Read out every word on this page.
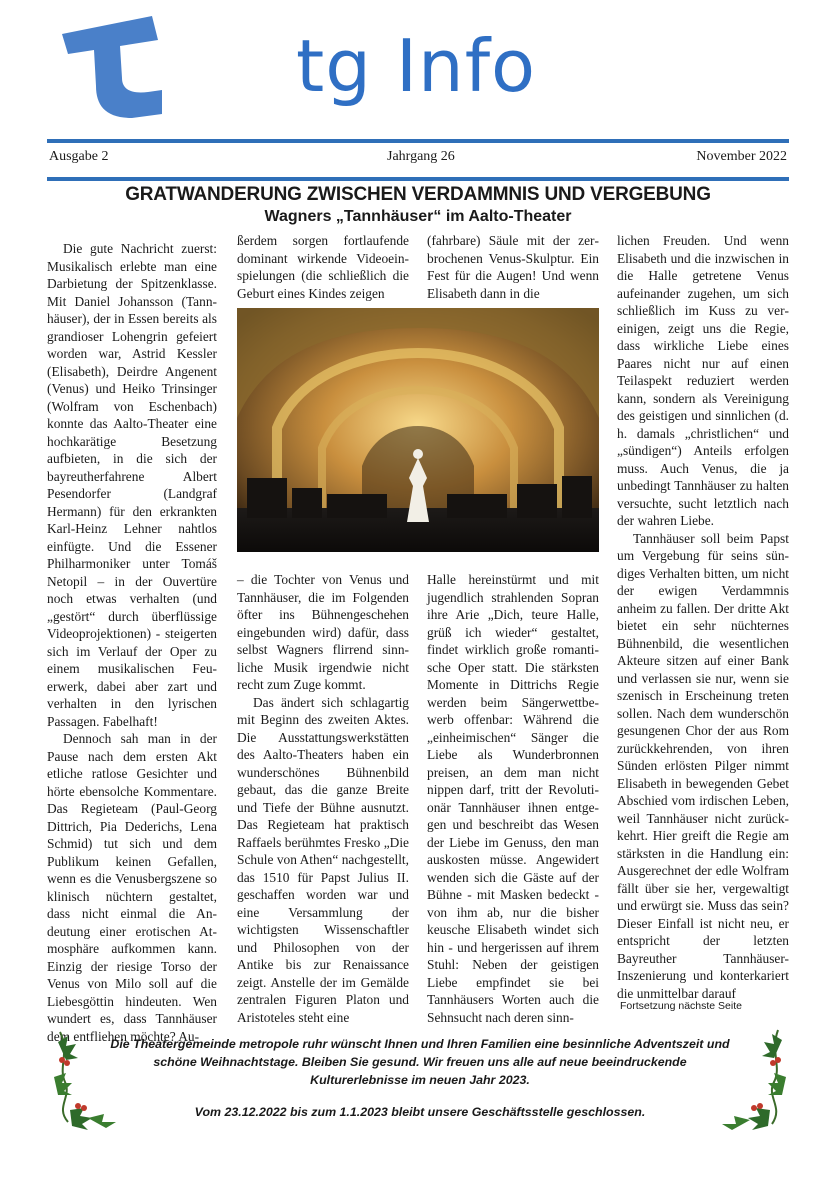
tg Info
Ausgabe 2	Jahrgang 26	November 2022
GRATWANDERUNG ZWISCHEN VERDAMMNIS UND VERGEBUNG
Wagners „Tannhäuser“ im Aalto-Theater

Die gute Nachricht zuerst: Musikalisch erlebte man eine Darbietung der Spitzenklasse. Mit Daniel Johansson (Tannhäuser), der in Essen bereits als grandioser Lohengrin gefeiert worden war, Astrid Kessler (Elisabeth), Deirdre Angenent (Venus) und Heiko Trinsinger (Wolfram von Eschenbach) konnte das Aalto-Theater eine hochkarätige Besetzung aufbieten, in die sich der bayreutherfahrene Albert Pesendorfer (Landgraf Hermann) für den erkrankten Karl-Heinz Lehner nahtlos einfügte. Und die Essener Philharmoniker unter Tomáš Netopil – in der Ouvertüre noch etwas verhalten (und „gestört“ durch überflüssige Videoprojektionen) - steigerten sich im Verlauf der Oper zu einem musikalischen Feuerwerk, dabei aber zart und verhalten in den lyrischen Passagen. Fabelhaft!

Dennoch sah man in der Pause nach dem ersten Akt etliche ratlose Gesichter und hörte ebensolche Kommentare. Das Regieteam (Paul-Georg Dittrich, Pia Dederichs, Lena Schmid) tut sich und dem Publikum keinen Gefallen, wenn es die Venusbergszene so klinisch nüchtern gestaltet, dass nicht einmal die Andeutung einer erotischen Atmosphäre aufkommen kann. Einzig der riesige Torso der Venus von Milo soll auf die Liebesgöttin hindeuten. Wen wundert es, dass Tannhäuser dem entfliehen möchte? Au-

ßerdem sorgen fortlaufende dominant wirkende Videoeinspielungen (die schließlich die Geburt eines Kindes zeigen

(fahrbare) Säule mit der zerbrochenen Venus-Skulptur. Ein Fest für die Augen! Und wenn Elisabeth dann in die

– die Tochter von Venus und Tannhäuser, die im Folgenden öfter ins Bühnengeschehen eingebunden wird) dafür, dass selbst Wagners flirrend sinnliche Musik irgendwie nicht recht zum Zuge kommt.

Das ändert sich schlagartig mit Beginn des zweiten Aktes. Die Ausstattungswerkstätten des Aalto-Theaters haben ein wunderschönes Bühnenbild gebaut, das die ganze Breite und Tiefe der Bühne ausnutzt. Das Regieteam hat praktisch Raffaels berühmtes Fresko „Die Schule von Athen“ nachgestellt, das 1510 für Papst Julius II. geschaffen worden war und eine Versammlung der wichtigsten Wissenschaftler und Philosophen von der Antike bis zur Renaissance zeigt. Anstelle der im Gemälde zentralen Figuren Platon und Aristoteles steht eine

Halle hereinstürmt und mit jugendlich strahlenden Sopran ihre Arie „Dich, teure Halle, grüß ich wieder“ gestaltet, findet wirklich große romantische Oper statt. Die stärksten Momente in Dittrichs Regie werden beim Sängerwettbewerb offenbar: Während die „einheimischen“ Sänger die Liebe als Wunderbronnen preisen, an dem man nicht nippen darf, tritt der Revolutionär Tannhäuser ihnen entgegen und beschreibt das Wesen der Liebe im Genuss, den man auskosten müsse. Angewidert wenden sich die Gäste auf der Bühne - mit Masken bedeckt - von ihm ab, nur die bisher keusche Elisabeth windet sich hin - und hergerissen auf ihrem Stuhl: Neben der geistigen Liebe empfindet sie bei Tannhäusers Worten auch die Sehnsucht nach deren sinn-

lichen Freuden. Und wenn Elisabeth und die inzwischen in die Halle getretene Venus aufeinander zugehen, um sich schließlich im Kuss zu vereinigen, zeigt uns die Regie, dass wirkliche Liebe eines Paares nicht nur auf einen Teilaspekt reduziert werden kann, sondern als Vereinigung des geistigen und sinnlichen (d. h. damals „christlichen“ und „sündigen“) Anteils erfolgen muss. Auch Venus, die ja unbedingt Tannhäuser zu halten versuchte, sucht letztlich nach der wahren Liebe.

Tannhäuser soll beim Papst um Vergebung für seins sündiges Verhalten bitten, um nicht der ewigen Verdammnis anheim zu fallen. Der dritte Akt bietet ein sehr nüchternes Bühnenbild, die wesentlichen Akteure sitzen auf einer Bank und verlassen sie nur, wenn sie szenisch in Erscheinung treten sollen. Nach dem wunderschön gesungenen Chor der aus Rom zurückkehrenden, von ihren Sünden erlösten Pilger nimmt Elisabeth in bewegenden Gebet Abschied vom irdischen Leben, weil Tannhäuser nicht zurückkehrt. Hier greift die Regie am stärksten in die Handlung ein: Ausgerechnet der edle Wolfram fällt über sie her, vergewaltigt und erwürgt sie. Muss das sein? Dieser Einfall ist nicht neu, er entspricht der letzten Bayreuther Tannhäuser-Inszenierung und konterkariert die unmittelbar darauf

Fortsetzung nächste Seite
Die Theatergemeinde metropole ruhr wünscht Ihnen und Ihren Familien eine besinnliche Adventszeit und schöne Weihnachtstage. Bleiben Sie gesund. Wir freuen uns alle auf neue beeindruckende Kulturerlebnisse im neuen Jahr 2023.
Vom 23.12.2022 bis zum 1.1.2023 bleibt unsere Geschäftsstelle geschlossen.
